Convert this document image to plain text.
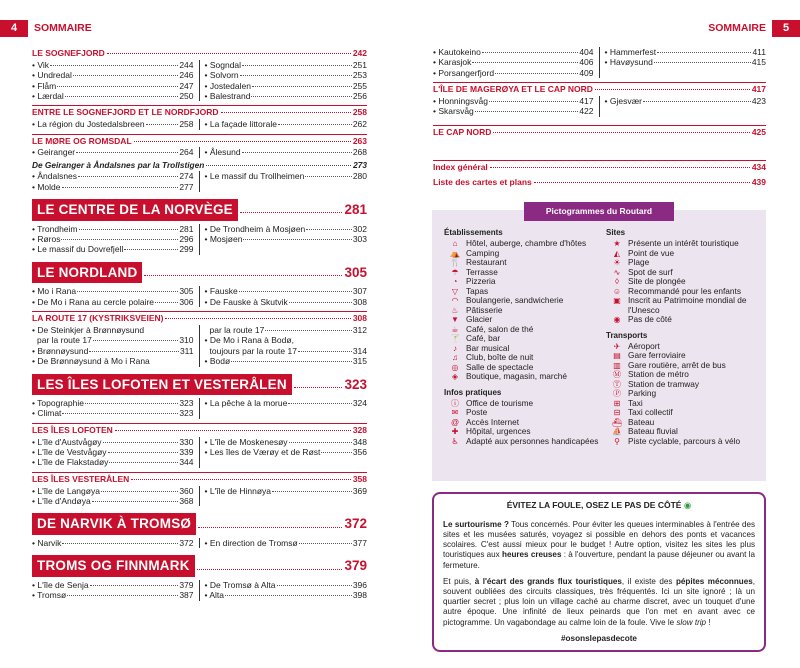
4	SOMMAIRE
LE SOGNEFJORD	242
• Vik	244
• Undredal	246
• Flåm	247
• Lærdal	250
• Sogndal	251
• Solvorn	253
• Jostedalen	255
• Balestrand	256
ENTRE LE SOGNEFJORD ET LE NORDFJORD	258
• La région du Jostedalsbreen	258 • La façade littorale	262
LE MØRE OG ROMSDAL	263
• Geiranger	264 • Ålesund	268
De Geiranger à Åndalsnes par la Trollstigen	273
• Åndalsnes	274
• Molde	277
• Le massif du Trollheimen	280
LE CENTRE DE LA NORVÈGE	281
• Trondheim	281
• Røros	296
• Le massif du Dovrefjell	299
• De Trondheim à Mosjøen	302
• Mosjøen	303
LE NORDLAND	305
• Mo i Rana	305
• De Mo i Rana au cercle polaire	306
• Fauske	307
• De Fauske à Skutvik	308
LA ROUTE 17 (KYSTRIKSVEIEN)	308
• De Steinkjer à Brønnøysund
par la route 17	310
• Brønnøysund	311
• De Brønnøysund à Mo i Rana
par la route 17	312
• De Mo i Rana à Bodø,
toujours par la route 17	314
• Bodø	315
LES ÎLES LOFOTEN ET VESTERÅLEN	323
• Topographie	323
• Climat	323
• La pêche à la morue	324
LES ÎLES LOFOTEN	328
• L'île d'Austvågøy	330
• L'île de Vestvågøy	339
• L'île de Flakstadøy	344
• L'île de Moskenesøy	348
• Les îles de Værøy et de Røst	356
LES ÎLES VESTERÅLEN	358
• L'île de Langøya	360
• L'île d'Andøya	368
• L'île de Hinnøya	369
DE NARVIK À TROMSØ	372
• Narvik	372 • En direction de Tromsø	377
TROMS OG FINNMARK	379
• L'île de Senja	379
• Tromsø	387
• De Tromsø à Alta	396
• Alta	398
SOMMAIRE	5
• Kautokeino	404
• Karasjok	406
• Porsangerfjord	409
• Hammerfest	411
• Havøysund	415
L'ÎLE DE MAGERØYA ET LE CAP NORD	417
• Honningsvåg	417
• Skarsvåg	422
• Gjesvær	423
LE CAP NORD	425
Index général	434
Liste des cartes et plans	439
Pictogrammes du Routard
Établissements
⌂	Hôtel, auberge, chambre d'hôtes
⛺ Camping
🍴 Restaurant
☂ Terrasse
◔	Pizzeria
▽ Tapas
◠ Boulangerie, sandwicherie
♨ Pâtisserie
▼ Glacier
☕ Café, salon de thé
🍸 Café, bar
♪	Bar musical
♫ Club, boîte de nuit
◎ Salle de spectacle
◈ Boutique, magasin, marché
Infos pratiques
ⓘ Office de tourisme
✉ Poste
@ Accès Internet
✚ Hôpital, urgences
♿ Adapté aux personnes handicapées
Sites
★ Présente un intérêt touristique
◭ Point de vue
☀ Plage
∿ Spot de surf
◊	Site de plongée
☺ Recommandé pour les enfants
▣ Inscrit au Patrimoine mondial de l'Unesco
◉ Pas de côté
Transports
✈ Aéroport
▤ Gare ferroviaire
▥ Gare routière, arrêt de bus
Ⓜ Station de métro
Ⓣ Station de tramway
Ⓟ Parking
⊞ Taxi
⊟ Taxi collectif
⛴ Bateau
⛵ Bateau fluvial
⚲ Piste cyclable, parcours à vélo
ÉVITEZ LA FOULE, OSEZ LE PAS DE CÔTÉ ◉

Le surtourisme ? Tous concernés. Pour éviter les queues interminables à l'entrée des sites et les musées saturés, voyagez si possible en dehors des ponts et vacances scolaires. C'est aussi mieux pour le budget ! Autre option, visitez les sites les plus touristiques aux heures creuses : à l'ouverture, pendant la pause déjeuner ou avant la fermeture.

Et puis, à l'écart des grands flux touristiques, il existe des pépites méconnues, souvent oubliées des circuits classiques, très fréquentés. Ici un site ignoré ; là un quartier secret ; plus loin un village caché au charme discret, avec un touquet d'une autre époque. Une infinité de lieux peinards que l'on met en avant avec ce pictogramme. Un vagabondage au calme loin de la foule. Vive le slow trip !

#osonslepasdecote
